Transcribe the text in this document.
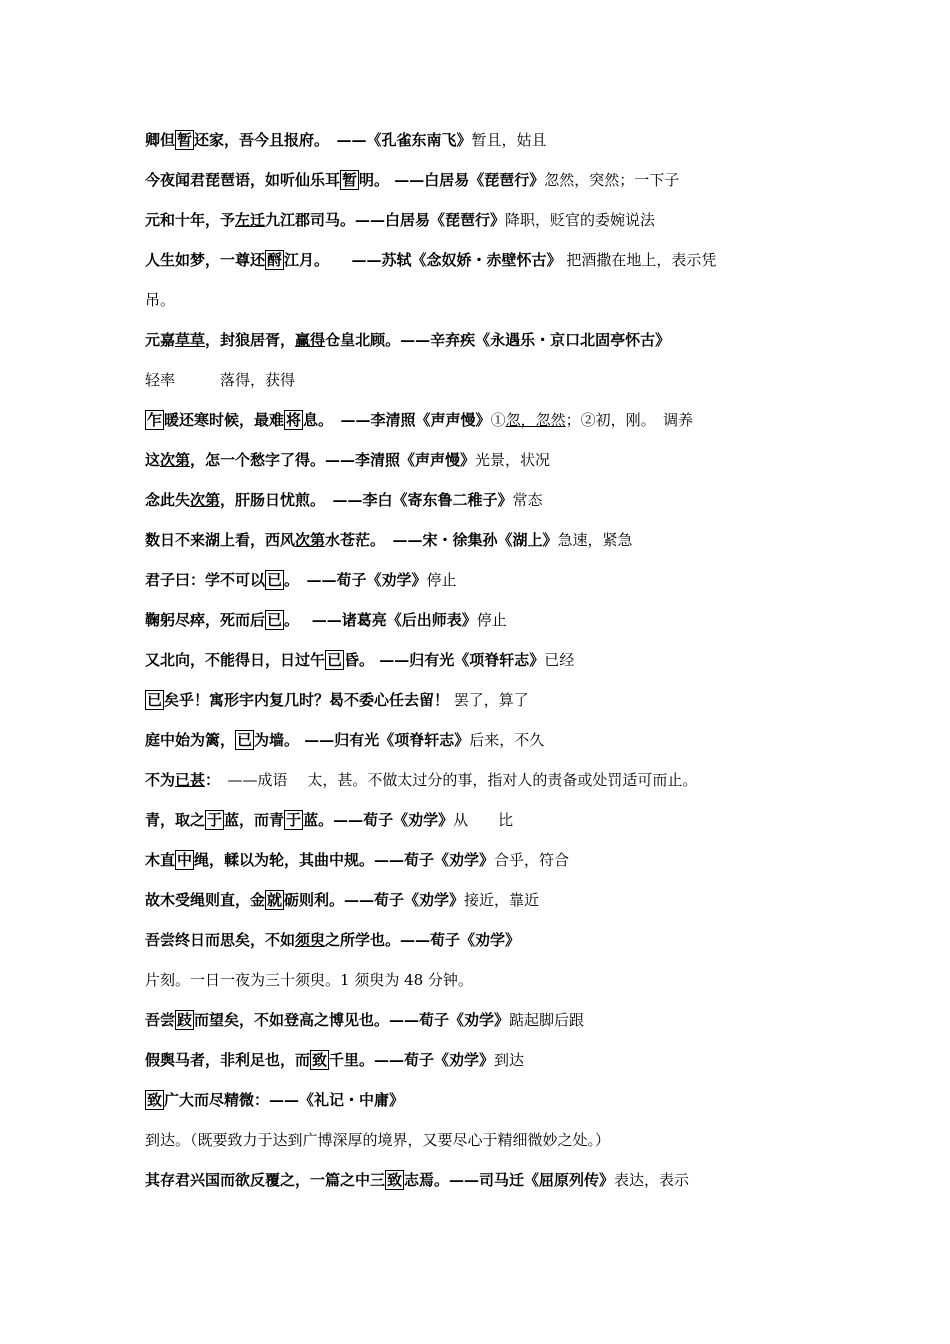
卿但 暂 还家，吾今且报府。　——《孔雀东南飞》暂且，姑且
今夜闻君琵琶语，如听仙乐耳 暂 明。 ——白居易《琵琶行》忽然，突然；一下子
元和十年，予左迁九江郡司马。——白居易《琵琶行》降职，贬官的委婉说法
人生如梦，一尊还 酹 江月。　　——苏轼《念奴娇・赤壁怀古》 把酒撒在地上，表示凭
吊。
元嘉草草，封狼居胥，赢得仓皇北顾。——辛弃疾《永遇乐・京口北固亭怀古》
轻率　　　落得，获得
乍 暖还寒时候，最难 将 息。　——李清照《声声慢》①忽，忽然；②初，刚。　调养
这次第，怎一个愁字了得。——李清照《声声慢》光景，状况
念此失次第，肝肠日忧煎。　——李白《寄东鲁二稚子》常态
数日不来湖上看，西风次第水苍茫。　——宋・徐集孙《湖上》急速，紧急
君子曰：学不可以 已 。　——荀子《劝学》停止
鞠躬尽瘁，死而后 已 。　 ——诸葛亮《后出师表》停止
又北向，不能得日，日过午 已 昏。 ——归有光《项脊轩志》已经
已 矣乎！寓形宇内复几时？曷不委心任去留！ 罢了，算了
庭中始为篱， 已 为墙。 ——归有光《项脊轩志》后来，不久
不为已甚：　——成语　 太，甚。不做太过分的事，指对人的责备或处罚适可而止。
青，取之 于 蓝，而青 于 蓝。——荀子《劝学》从　　比
木直 中 绳，輮以为轮，其曲中规。——荀子《劝学》合乎，符合
故木受绳则直，金 就 砺则利。——荀子《劝学》接近，靠近
吾尝终日而思矣，不如须臾之所学也。——荀子《劝学》
片刻。一日一夜为三十须臾。1 须臾为 48 分钟。
吾尝 跂 而望矣，不如登高之博见也。——荀子《劝学》踮起脚后跟
假舆马者，非利足也，而 致 千里。——荀子《劝学》到达
致 广大而尽精微：——《礼记・中庸》
到达。（既要致力于达到广博深厚的境界，又要尽心于精细微妙之处。）
其存君兴国而欲反覆之，一篇之中三 致 志焉。——司马迁《屈原列传》表达，表示
